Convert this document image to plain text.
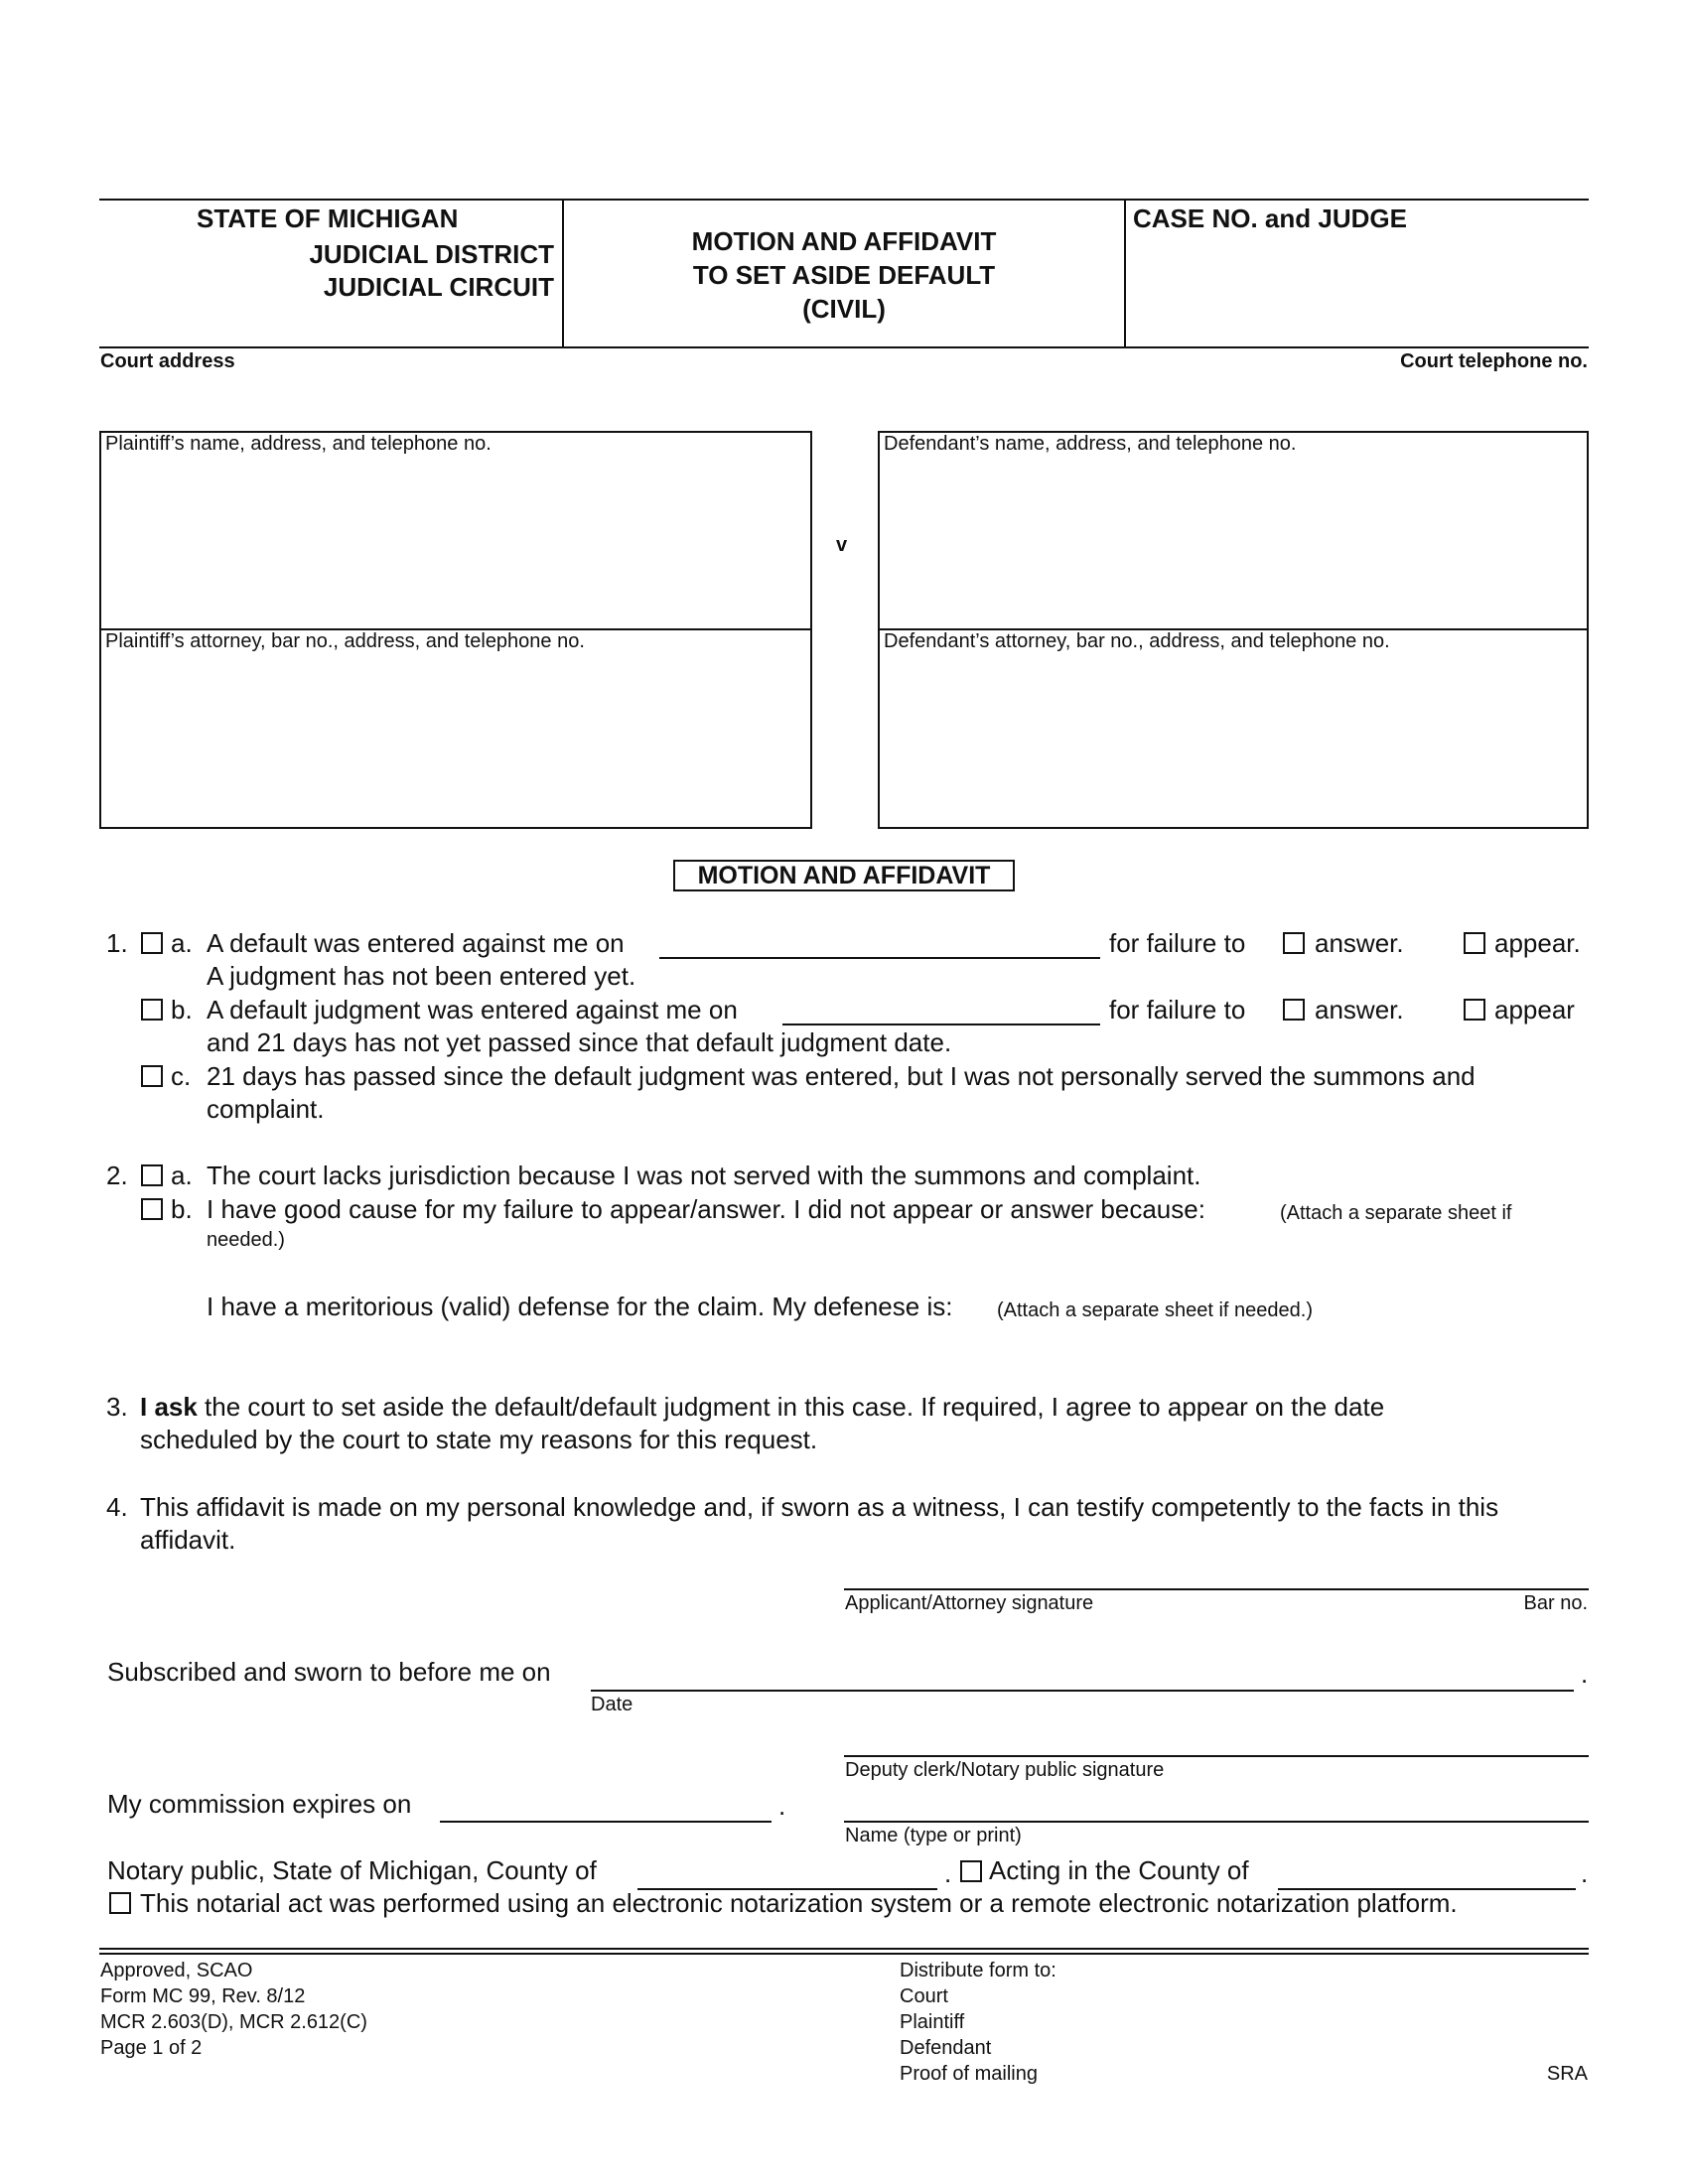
STATE OF MICHIGAN
JUDICIAL DISTRICT
JUDICIAL CIRCUIT
MOTION AND AFFIDAVIT
TO SET ASIDE DEFAULT
(CIVIL)
CASE NO. and JUDGE
Court address	Court telephone no.
Plaintiff’s name, address, and telephone no.
Plaintiff’s attorney, bar no., address, and telephone no.
v
Defendant’s name, address, and telephone no.
Defendant’s attorney, bar no., address, and telephone no.
MOTION AND AFFIDAVIT
1. a. A default was entered against me on	for failure to	answer.	appear.
A judgment has not been entered yet.
b. A default judgment was entered against me on	for failure to	answer.	appear
and 21 days has not yet passed since that default judgment date.
c. 21 days has passed since the default judgment was entered, but I was not personally served the summons and
complaint.
2. a. The court lacks jurisdiction because I was not served with the summons and complaint.
b. I have good cause for my failure to appear/answer. I did not appear or answer because:	(Attach a separate sheet if
needed.)
I have a meritorious (valid) defense for the claim. My defenese is: (Attach a separate sheet if needed.)
3. I ask the court to set aside the default/default judgment in this case. If required, I agree to appear on the date
scheduled by the court to state my reasons for this request.
4. This affidavit is made on my personal knowledge and, if sworn as a witness, I can testify competently to the facts in this
affidavit.
Applicant/Attorney signature	Bar no.
Subscribed and sworn to before me on	.
Date
Deputy clerk/Notary public signature
My commission expires on	.
Name (type or print)
Notary public, State of Michigan, County of	. Acting in the County of	.
This notarial act was performed using an electronic notarization system or a remote electronic notarization platform.
Approved, SCAO
Form MC 99, Rev. 8/12
MCR 2.603(D), MCR 2.612(C)
Page 1 of 2
Distribute form to:
Court
Plaintiff
Defendant
Proof of mailing	SRA
